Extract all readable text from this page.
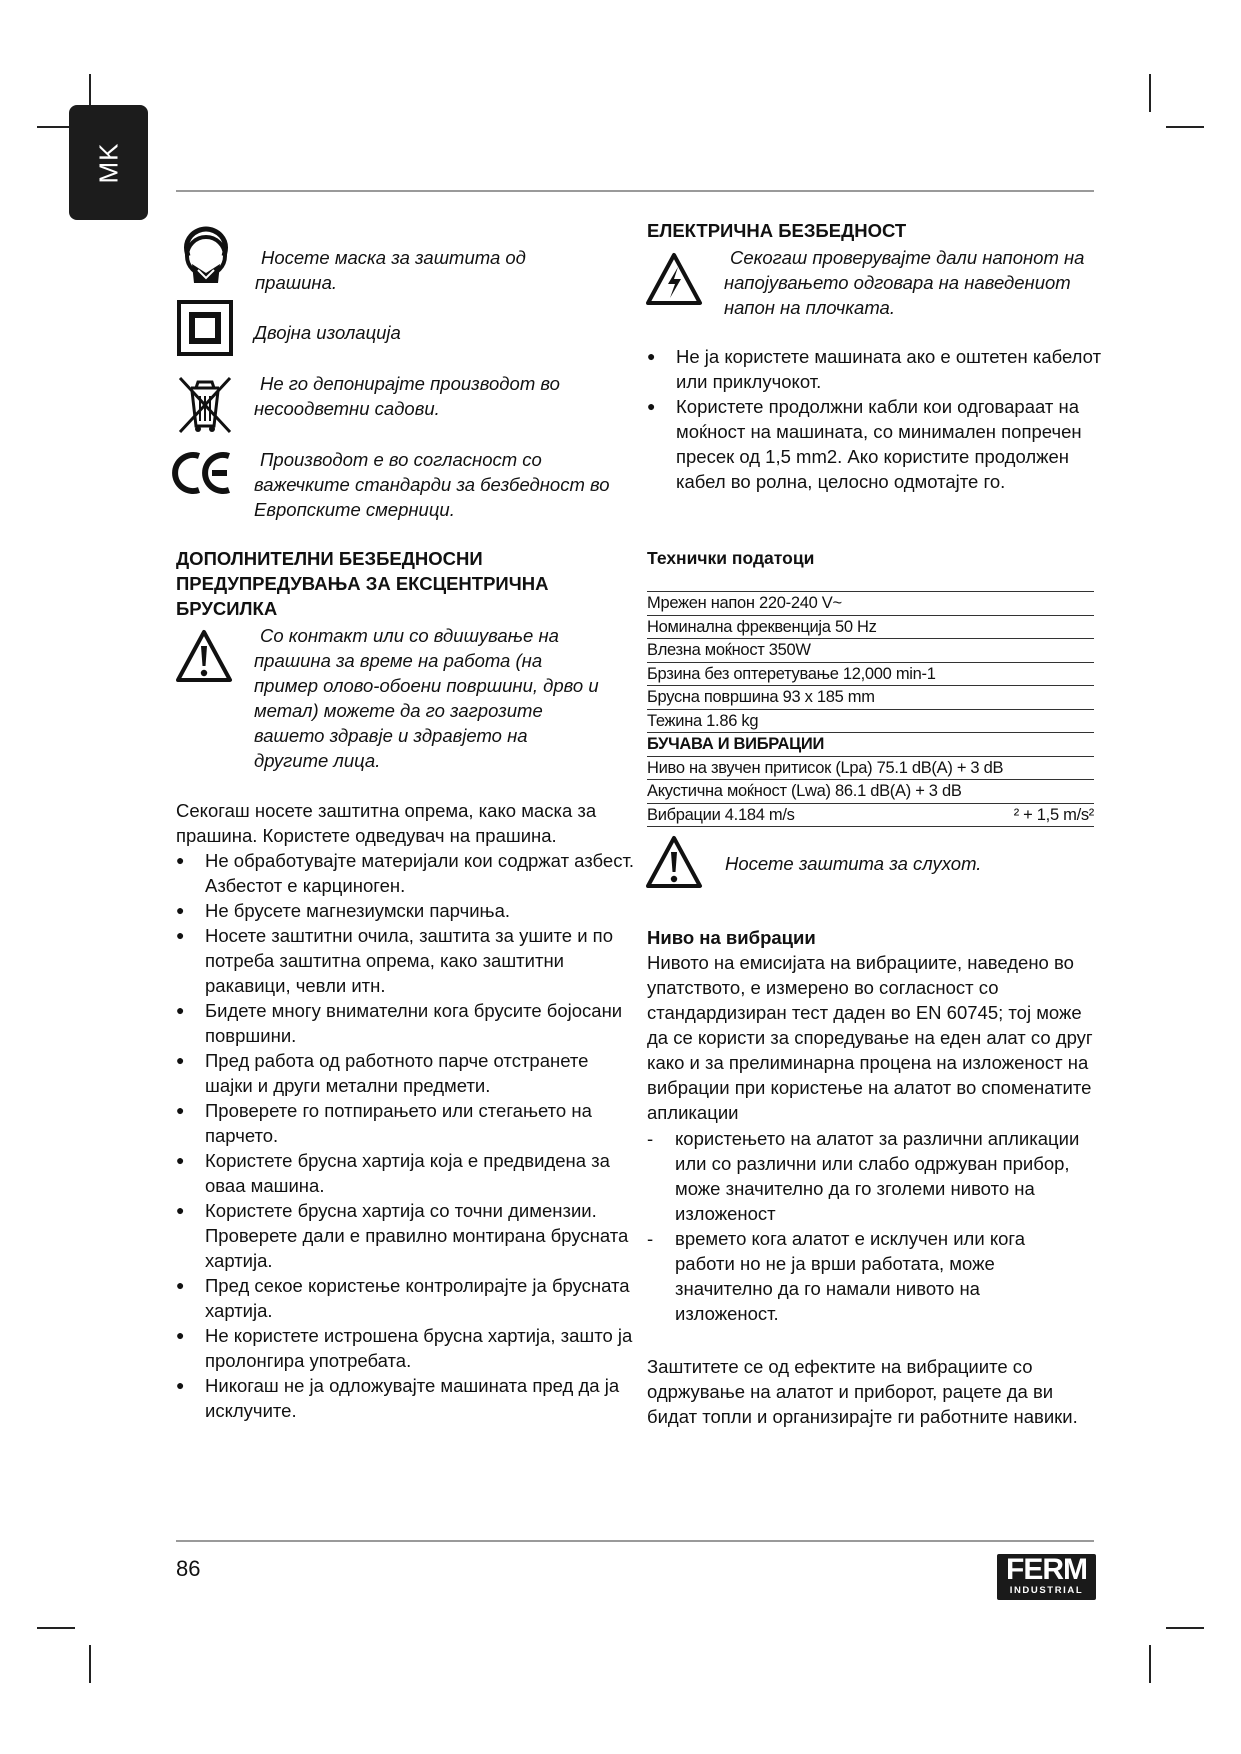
MK
Носете маска за заштита од прашина.
Двојна изолација
Не го депонирајте производот во несоодветни садови.
Производот е во согласност со важечките стандарди за безбедност во Европските смерници.
ДОПОЛНИТЕЛНИ БЕЗБЕДНОСНИ ПРЕДУПРЕДУВАЊА ЗА ЕКСЦЕНТРИЧНА БРУСИЛКА
Со контакт или со вдишување на прашина за време на работа (на пример олово-обоени површини, дрво и метал) можете да го загрозите вашето здравје и здравјето на другите лица.
Секогаш носете заштитна опрема, како маска за прашина. Користете одведувач на прашина.
● Не обработувајте материјали кои содржат азбест. Азбестот е карциноген.
● Не брусете магнезиумски парчиња.
● Носете заштитни очила, заштита за ушите и по потреба заштитна опрема, како заштитни ракавици, чевли итн.
● Бидете многу внимателни кога брусите бојосани површини.
● Пред работа од работното парче отстранете шајки и други метални предмети.
● Проверете го потпирањето или стегањето на парчето.
● Користете брусна хартија која е предвидена за оваа машина.
● Користете брусна хартија со точни димензии. Проверете дали е правилно монтирана брусната хартија.
● Пред секое користење контролирајте ја брусната хартија.
● Не користете истрошена брусна хартија, зашто ја пролонгира употребата.
● Никогаш не ја одложувајте машината пред да ја исклучите.
ЕЛЕКТРИЧНА БЕЗБЕДНОСТ
Секогаш проверувајте дали напонот на напојувањето одговара на наведениот напон на плочката.
● Не ја користете машината ако е оштетен кабелот или приклучокот.
● Користете продолжни кабли кои одговараат на моќност на машината, со минимален попречен пресек од 1,5 mm2. Ако користите продолжен кабел во ролна, целосно одмотајте го.
Технички податоци
Мрежен напон 220-240 V~
Номинална фреквенција 50 Hz
Влезна моќност 350W
Брзина без оптеретување 12,000 min-1
Брусна површина 93 x 185 mm
Тежина 1.86 kg
БУЧАВА И ВИБРАЦИИ
Ниво на звучен притисок (Lpa) 75.1 dB(A) + 3 dB
Акустична моќност (Lwa) 86.1 dB(A) + 3 dB
Вибрации 4.184 m/s	² + 1,5 m/s²
Носете заштита за слухот.
Ниво на вибрации
Нивото на емисијата на вибрациите, наведено во упатството, е измерено во согласност со стандардизиран тест даден во EN 60745; тој може да се користи за споредување на еден алат со друг како и за прелиминарна процена на изложеност на вибрации при користење на алатот во споменатите апликации
- користењето на алатот за различни апликации или со различни или слабо одржуван прибор, може значително да го зголеми нивото на изложеност
- времето кога алатот е исклучен или кога работи но не ја врши работата, може значително да го намали нивото на изложеност.
Заштитете се од ефектите на вибрациите со одржување на алатот и приборот, рацете да ви бидат топли и организирајте ги работните навики.
86	FERM
INDUSTRIAL
